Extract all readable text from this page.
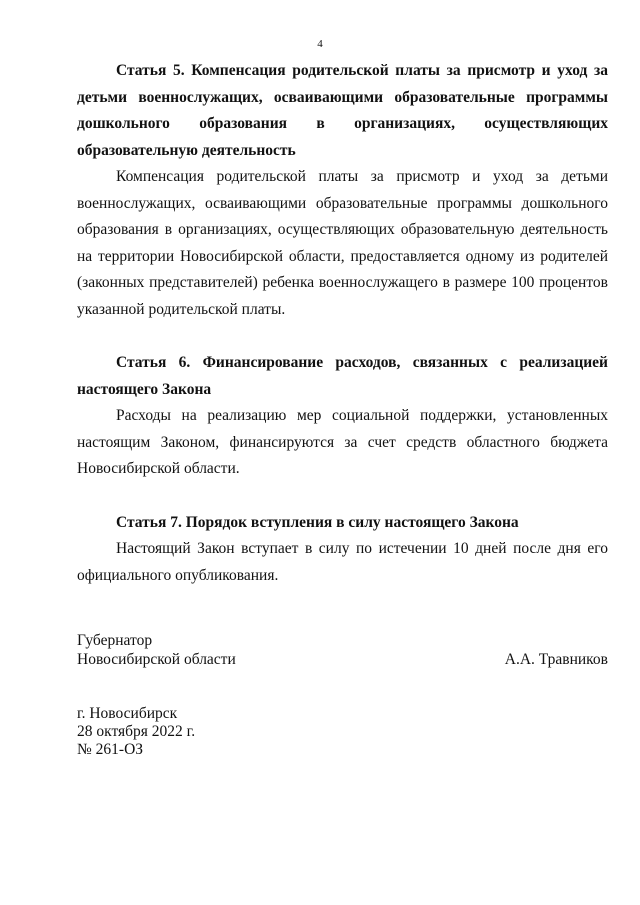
4

Статья 5. Компенсация родительской платы за присмотр и уход за детьми военнослужащих, осваивающими образовательные программы дошкольного образования в организациях, осуществляющих образовательную деятельность

Компенсация родительской платы за присмотр и уход за детьми военнослужащих, осваивающими образовательные программы дошкольного образования в организациях, осуществляющих образовательную деятельность на территории Новосибирской области, предоставляется одному из родителей (законных представителей) ребенка военнослужащего в размере 100 процентов указанной родительской платы.

Статья 6. Финансирование расходов, связанных с реализацией настоящего Закона

Расходы на реализацию мер социальной поддержки, установленных настоящим Законом, финансируются за счет средств областного бюджета Новосибирской области.

Статья 7. Порядок вступления в силу настоящего Закона

Настоящий Закон вступает в силу по истечении 10 дней после дня его официального опубликования.

Губернатор
Новосибирской области	А.А. Травников
г. Новосибирск
28 октября 2022 г.
№ 261-ОЗ
